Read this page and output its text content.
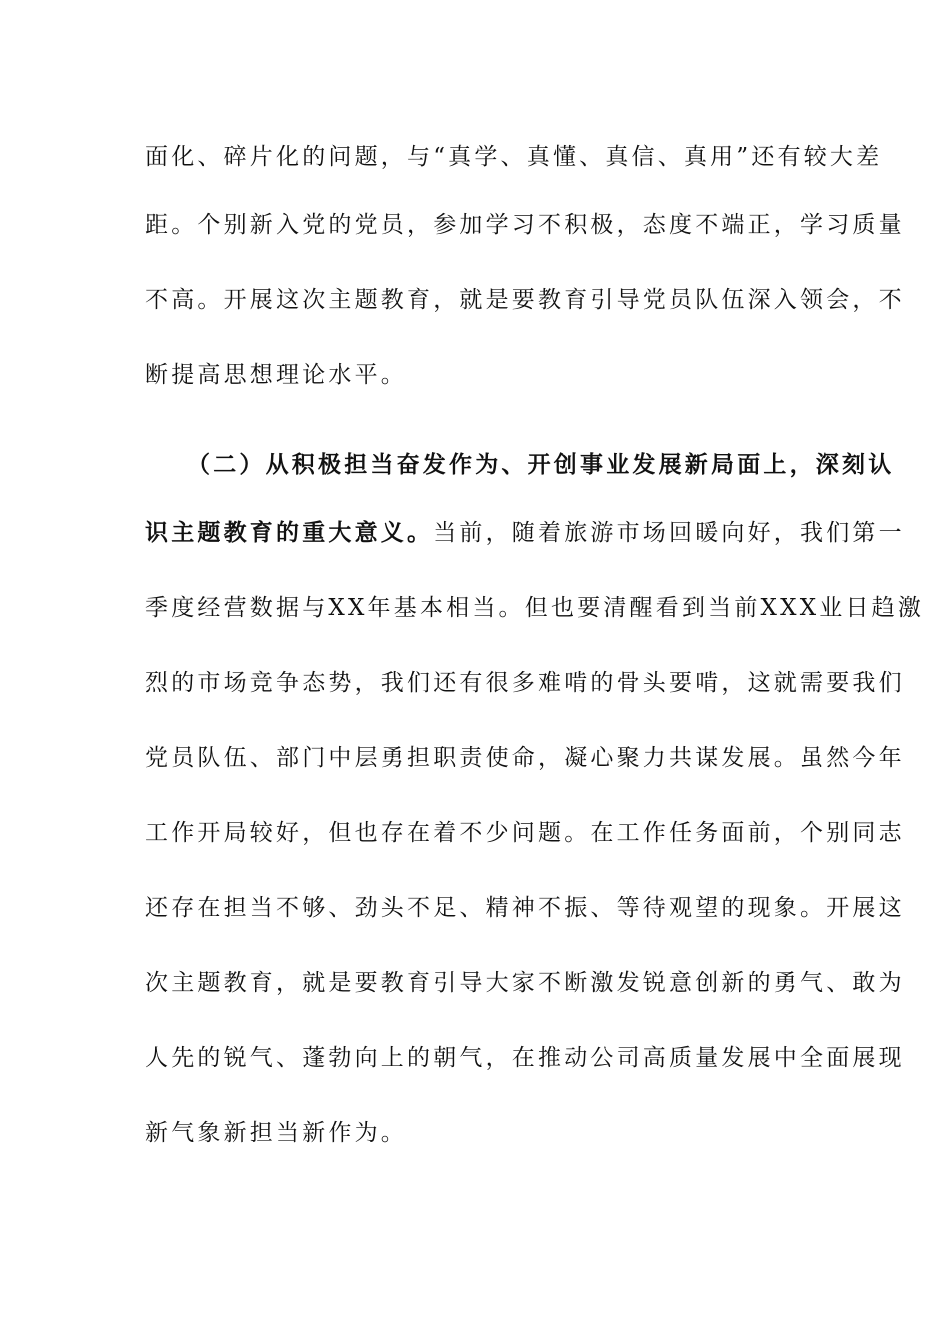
面化、碎片化的问题，与“真学、真懂、真信、真用”还有较大差
距。个别新入党的党员，参加学习不积极，态度不端正，学习质量
不高。开展这次主题教育，就是要教育引导党员队伍深入领会，不
断提高思想理论水平。
（二）从积极担当奋发作为、开创事业发展新局面上，深刻认
识主题教育的重大意义。当前，随着旅游市场回暖向好，我们第一
季度经营数据与XX年基本相当。但也要清醒看到当前XXX业日趋激
烈的市场竞争态势，我们还有很多难啃的骨头要啃，这就需要我们
党员队伍、部门中层勇担职责使命，凝心聚力共谋发展。虽然今年
工作开局较好，但也存在着不少问题。在工作任务面前，个别同志
还存在担当不够、劲头不足、精神不振、等待观望的现象。开展这
次主题教育，就是要教育引导大家不断激发锐意创新的勇气、敢为
人先的锐气、蓬勃向上的朝气，在推动公司高质量发展中全面展现
新气象新担当新作为。
